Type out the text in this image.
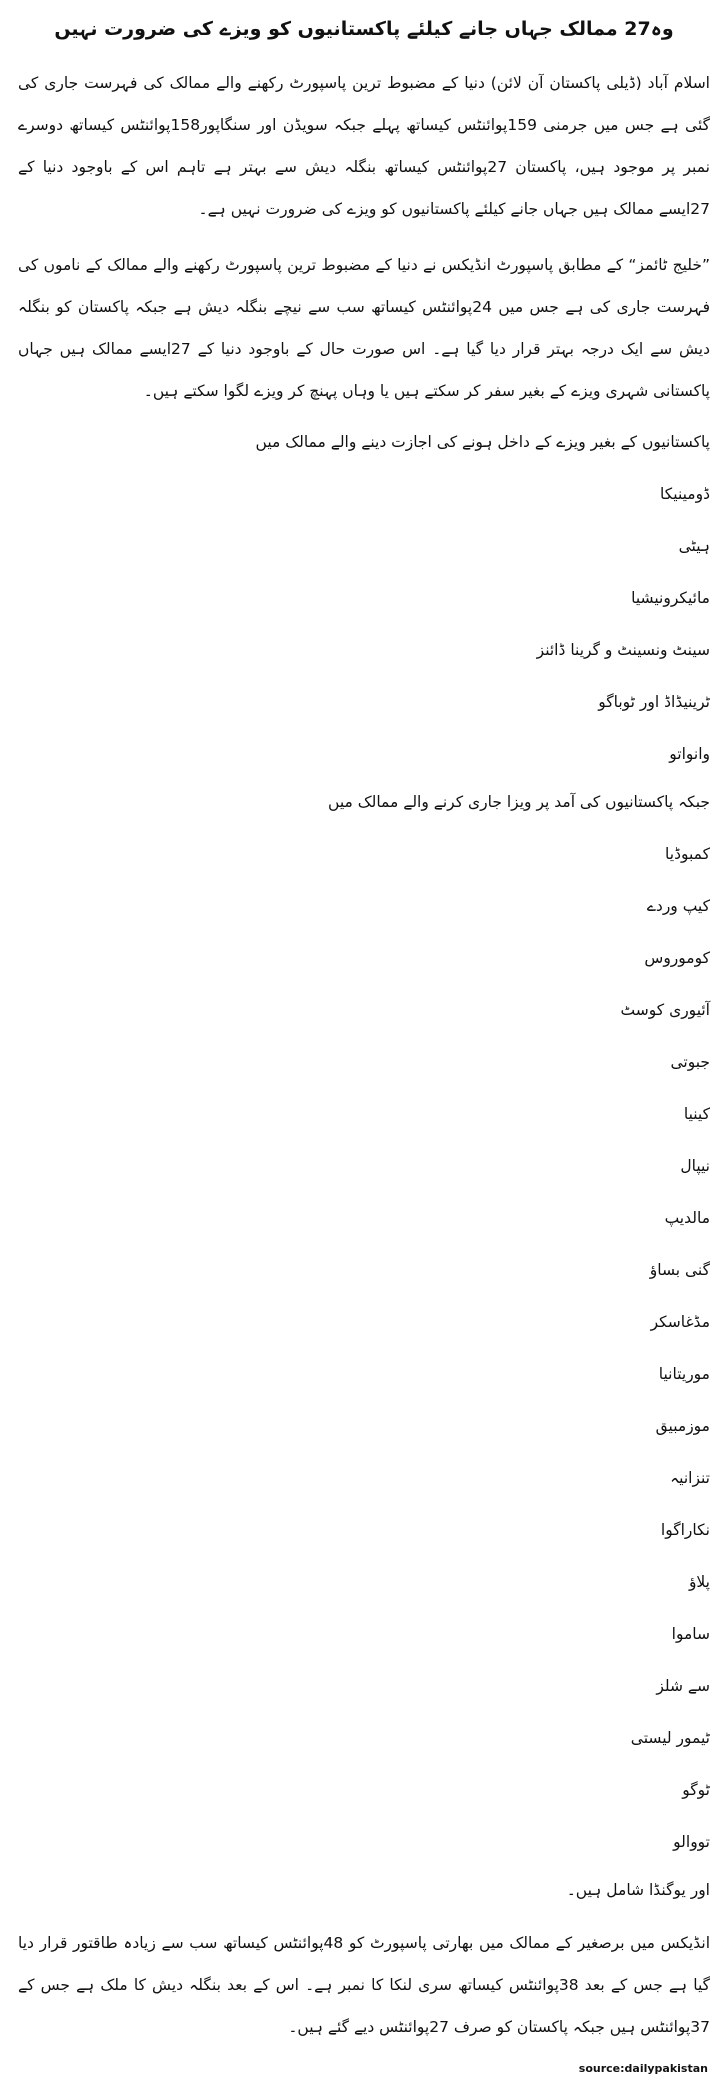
وہ27 ممالک جہاں جانے کیلئے پاکستانیوں کو ویزے کی ضرورت نہیں

اسلام آباد (ڈیلی پاکستان آن لائن) دنیا کے مضبوط ترین پاسپورٹ رکھنے والے ممالک کی فہرست جاری کی گئی ہے جس میں جرمنی 159پوائنٹس کیساتھ پہلے جبکہ سویڈن اور سنگاپور158پوائنٹس کیساتھ دوسرے نمبر پر موجود ہیں، پاکستان 27پوائنٹس کیساتھ بنگلہ دیش سے بہتر ہے تاہم اس کے باوجود دنیا کے 27ایسے ممالک ہیں جہاں جانے کیلئے پاکستانیوں کو ویزے کی ضرورت نہیں ہے۔

”خلیج ٹائمز“ کے مطابق پاسپورٹ انڈیکس نے دنیا کے مضبوط ترین پاسپورٹ رکھنے والے ممالک کے ناموں کی فہرست جاری کی ہے جس میں 24پوائنٹس کیساتھ سب سے نیچے بنگلہ دیش ہے جبکہ پاکستان کو بنگلہ دیش سے ایک درجہ بہتر قرار دیا گیا ہے۔ اس صورت حال کے باوجود دنیا کے 27ایسے ممالک ہیں جہاں پاکستانی شہری ویزے کے بغیر سفر کر سکتے ہیں یا وہاں پہنچ کر ویزے لگوا سکتے ہیں۔

پاکستانیوں کے بغیر ویزے کے داخل ہونے کی اجازت دینے والے ممالک میں

ڈومینیکا
ہیٹی
مائیکرونیشیا
سینٹ ونسینٹ و گرینا ڈائنز
ٹرینیڈاڈ اور ٹوباگو
وانواتو

جبکہ پاکستانیوں کی آمد پر ویزا جاری کرنے والے ممالک میں

کمبوڈیا
کیپ وردے
کوموروس
آئیوری کوسٹ
جبوتی
کینیا
نیپال
مالدیپ
گنی بساؤ
مڈغاسکر
موریتانیا
موزمبیق
تنزانیہ
نکاراگوا
پلاؤ
ساموا
سے شلز
ٹیمور لیستی
ٹوگو
تووالو

اور یوگنڈا شامل ہیں۔

انڈیکس میں برصغیر کے ممالک میں بھارتی پاسپورٹ کو 48پوائنٹس کیساتھ سب سے زیادہ طاقتور قرار دیا گیا ہے جس کے بعد 38پوائنٹس کیساتھ سری لنکا کا نمبر ہے۔ اس کے بعد بنگلہ دیش کا ملک ہے جس کے 37پوائنٹس ہیں جبکہ پاکستان کو صرف 27پوائنٹس دیے گئے ہیں۔

source:dailypakistan
